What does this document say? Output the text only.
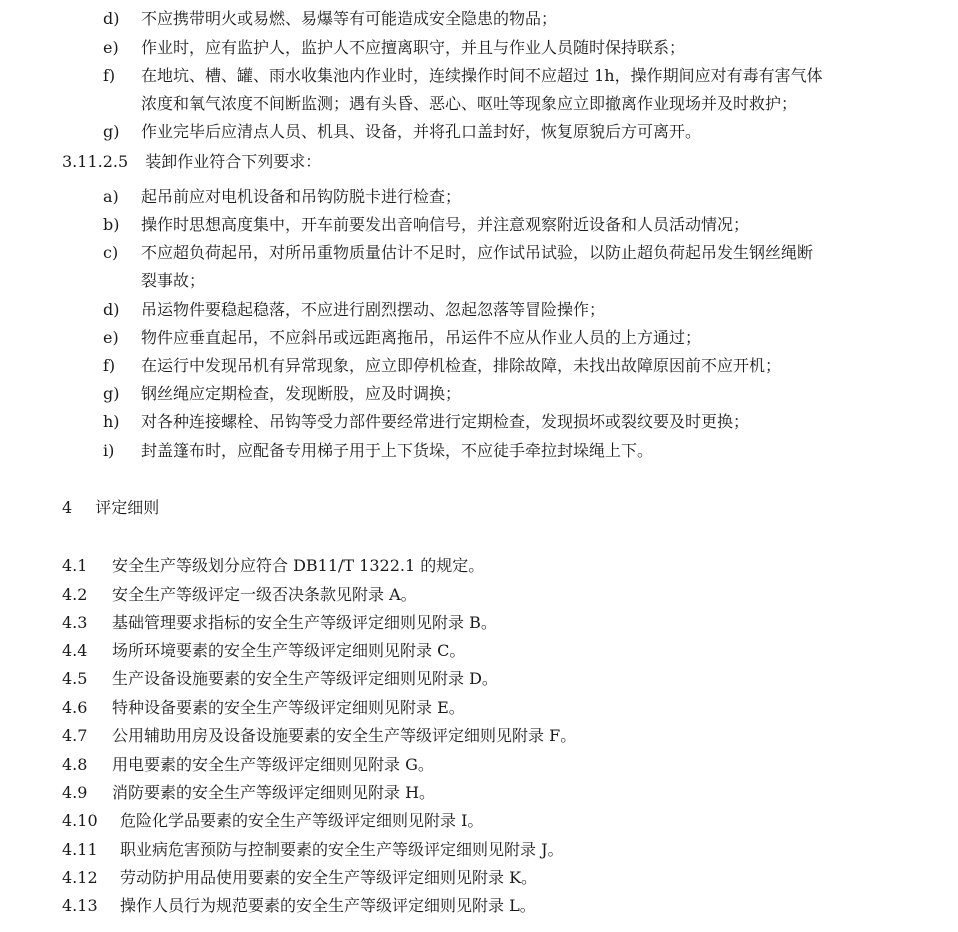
d) 不应携带明火或易燃、易爆等有可能造成安全隐患的物品；
e) 作业时，应有监护人，监护人不应擅离职守，并且与作业人员随时保持联系；
f) 在地坑、槽、罐、雨水收集池内作业时，连续操作时间不应超过 1h，操作期间应对有毒有害气体
浓度和氧气浓度不间断监测；遇有头昏、恶心、呕吐等现象应立即撤离作业现场并及时救护；
g) 作业完毕后应清点人员、机具、设备，并将孔口盖封好，恢复原貌后方可离开。
3.11.2.5 装卸作业符合下列要求：
a) 起吊前应对电机设备和吊钩防脱卡进行检查；
b) 操作时思想高度集中，开车前要发出音响信号，并注意观察附近设备和人员活动情况；
c) 不应超负荷起吊，对所吊重物质量估计不足时，应作试吊试验，以防止超负荷起吊发生钢丝绳断
裂事故；
d) 吊运物件要稳起稳落，不应进行剧烈摆动、忽起忽落等冒险操作；
e) 物件应垂直起吊，不应斜吊或远距离拖吊，吊运件不应从作业人员的上方通过；
f) 在运行中发现吊机有异常现象，应立即停机检查，排除故障，未找出故障原因前不应开机；
g) 钢丝绳应定期检查，发现断股，应及时调换；
h) 对各种连接螺栓、吊钩等受力部件要经常进行定期检查，发现损坏或裂纹要及时更换；
i) 封盖篷布时，应配备专用梯子用于上下货垛，不应徒手牵拉封垛绳上下。
4 评定细则
4.1 安全生产等级划分应符合 DB11/T 1322.1 的规定。
4.2 安全生产等级评定一级否决条款见附录 A。
4.3 基础管理要求指标的安全生产等级评定细则见附录 B。
4.4 场所环境要素的安全生产等级评定细则见附录 C。
4.5 生产设备设施要素的安全生产等级评定细则见附录 D。
4.6 特种设备要素的安全生产等级评定细则见附录 E。
4.7 公用辅助用房及设备设施要素的安全生产等级评定细则见附录 F。
4.8 用电要素的安全生产等级评定细则见附录 G。
4.9 消防要素的安全生产等级评定细则见附录 H。
4.10 危险化学品要素的安全生产等级评定细则见附录 I。
4.11 职业病危害预防与控制要素的安全生产等级评定细则见附录 J。
4.12 劳动防护用品使用要素的安全生产等级评定细则见附录 K。
4.13 操作人员行为规范要素的安全生产等级评定细则见附录 L。
